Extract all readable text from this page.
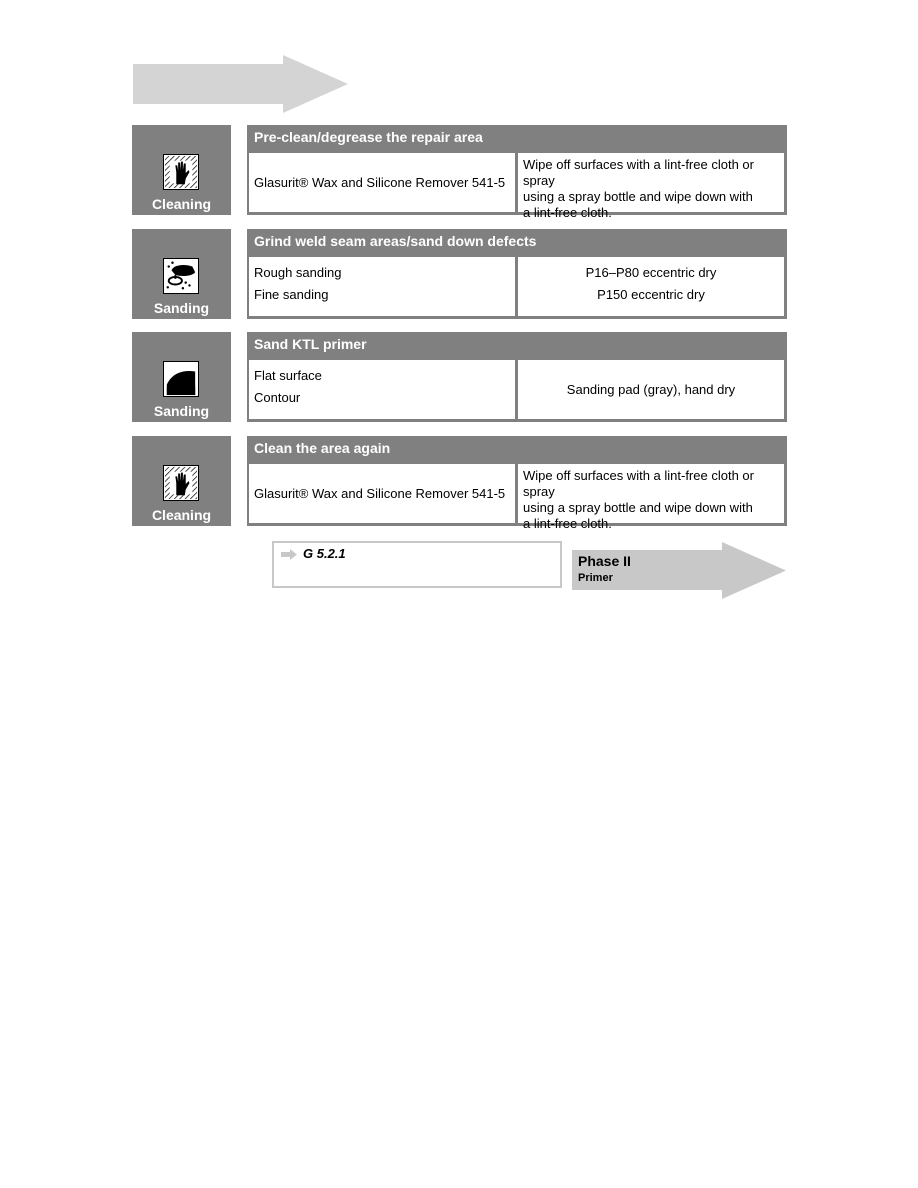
Cleaning
Pre-clean/degrease the repair area
Glasurit® Wax and Silicone Remover 541-5
Wipe off surfaces with a lint-free cloth or spray
using a spray bottle and wipe down with
a lint-free cloth.
Sanding
Grind weld seam areas/sand down defects
Rough sanding
Fine sanding
P16–P80 eccentric dry
P150 eccentric dry
Sanding
Sand KTL primer
Flat surface
Contour
Sanding pad (gray), hand dry
Cleaning
Clean the area again
Glasurit® Wax and Silicone Remover 541-5
Wipe off surfaces with a lint-free cloth or spray
using a spray bottle and wipe down with
a lint-free cloth.
G 5.2.1	Phase II
Primer
